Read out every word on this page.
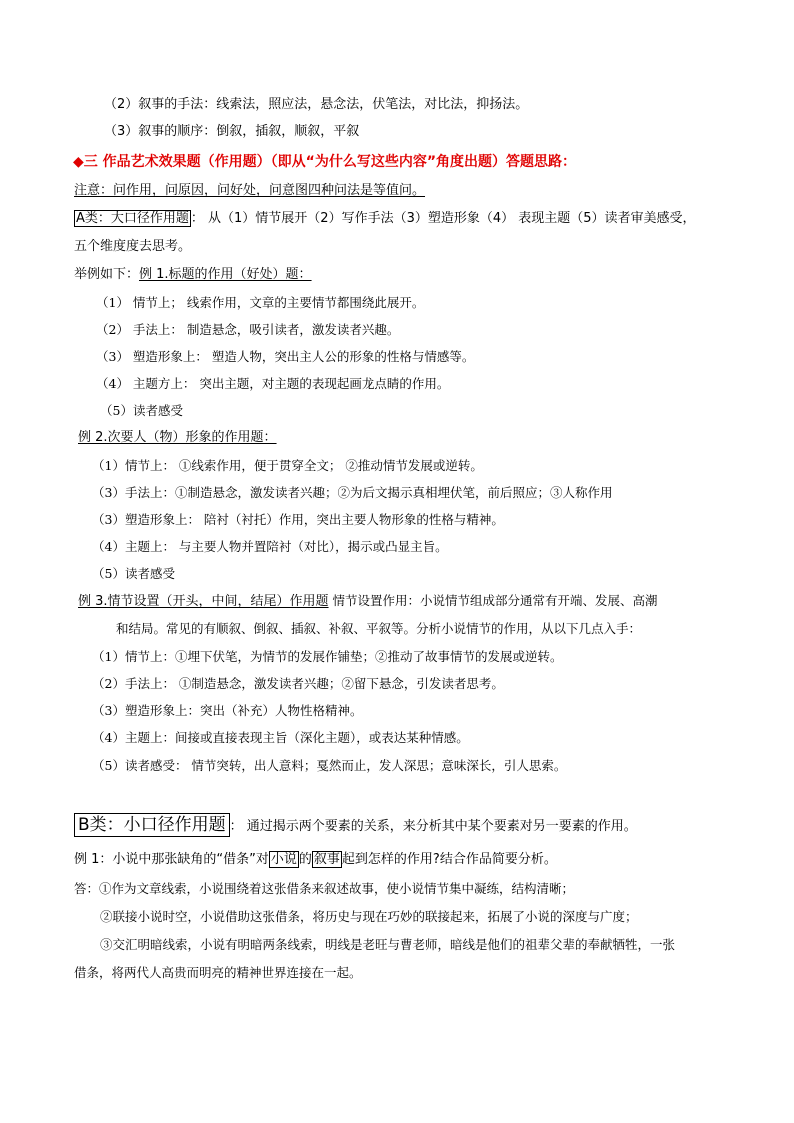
（2）叙事的手法：线索法，照应法，悬念法，伏笔法，对比法，抑扬法。
（3）叙事的顺序：倒叙，插叙，顺叙，平叙
◆三 作品艺术效果题（作用题）（即从“为什么写这些内容”角度出题）答题思路：
注意：问作用，问原因，问好处，问意图四种问法是等值问。
A类：大口径作用题 ： 从（1）情节展开（2）写作手法（3）塑造形象（4） 表现主题（5）读者审美感受，
五个维度度去思考。
举例如下：例 1.标题的作用（好处）题：
（1） 情节上； 线索作用，文章的主要情节都围绕此展开。
（2） 手法上： 制造悬念，吸引读者，激发读者兴趣。
（3） 塑造形象上： 塑造人物，突出主人公的形象的性格与情感等。
（4） 主题方上： 突出主题，对主题的表现起画龙点睛的作用。
（5）读者感受
例 2.次要人（物）形象的作用题：
（1）情节上： ①线索作用，便于贯穿全文； ②推动情节发展或逆转。
（3）手法上：①制造悬念，激发读者兴趣；②为后文揭示真相埋伏笔，前后照应；③人称作用
（3）塑造形象上： 陪衬（衬托）作用，突出主要人物形象的性格与精神。
（4）主题上： 与主要人物并置陪衬（对比），揭示或凸显主旨。
（5）读者感受
例 3.情节设置（开头，中间，结尾）作用题 情节设置作用：小说情节组成部分通常有开端、发展、高潮
和结局。常见的有顺叙、倒叙、插叙、补叙、平叙等。分析小说情节的作用，从以下几点入手：
（1）情节上：①埋下伏笔，为情节的发展作铺垫；②推动了故事情节的发展或逆转。
（2）手法上： ①制造悬念，激发读者兴趣；②留下悬念，引发读者思考。
（3）塑造形象上：突出（补充）人物性格精神。
（4）主题上：间接或直接表现主旨（深化主题），或表达某种情感。
（5）读者感受： 情节突转，出人意料；戛然而止，发人深思；意味深长，引人思索。
B类：小口径作用题 ： 通过揭示两个要素的关系，来分析其中某个要素对另一要素的作用。
例 1：小说中那张缺角的“借条”对 小说 的 叙事 起到怎样的作用?结合作品简要分析。
答：①作为文章线索，小说围绕着这张借条来叙述故事，使小说情节集中凝练，结构清晰；
②联接小说时空，小说借助这张借条，将历史与现在巧妙的联接起来，拓展了小说的深度与广度；
③交汇明暗线索，小说有明暗两条线索，明线是老旺与曹老师，暗线是他们的祖辈父辈的奉献牺牲，一张
借条，将两代人高贵而明亮的精神世界连接在一起。
